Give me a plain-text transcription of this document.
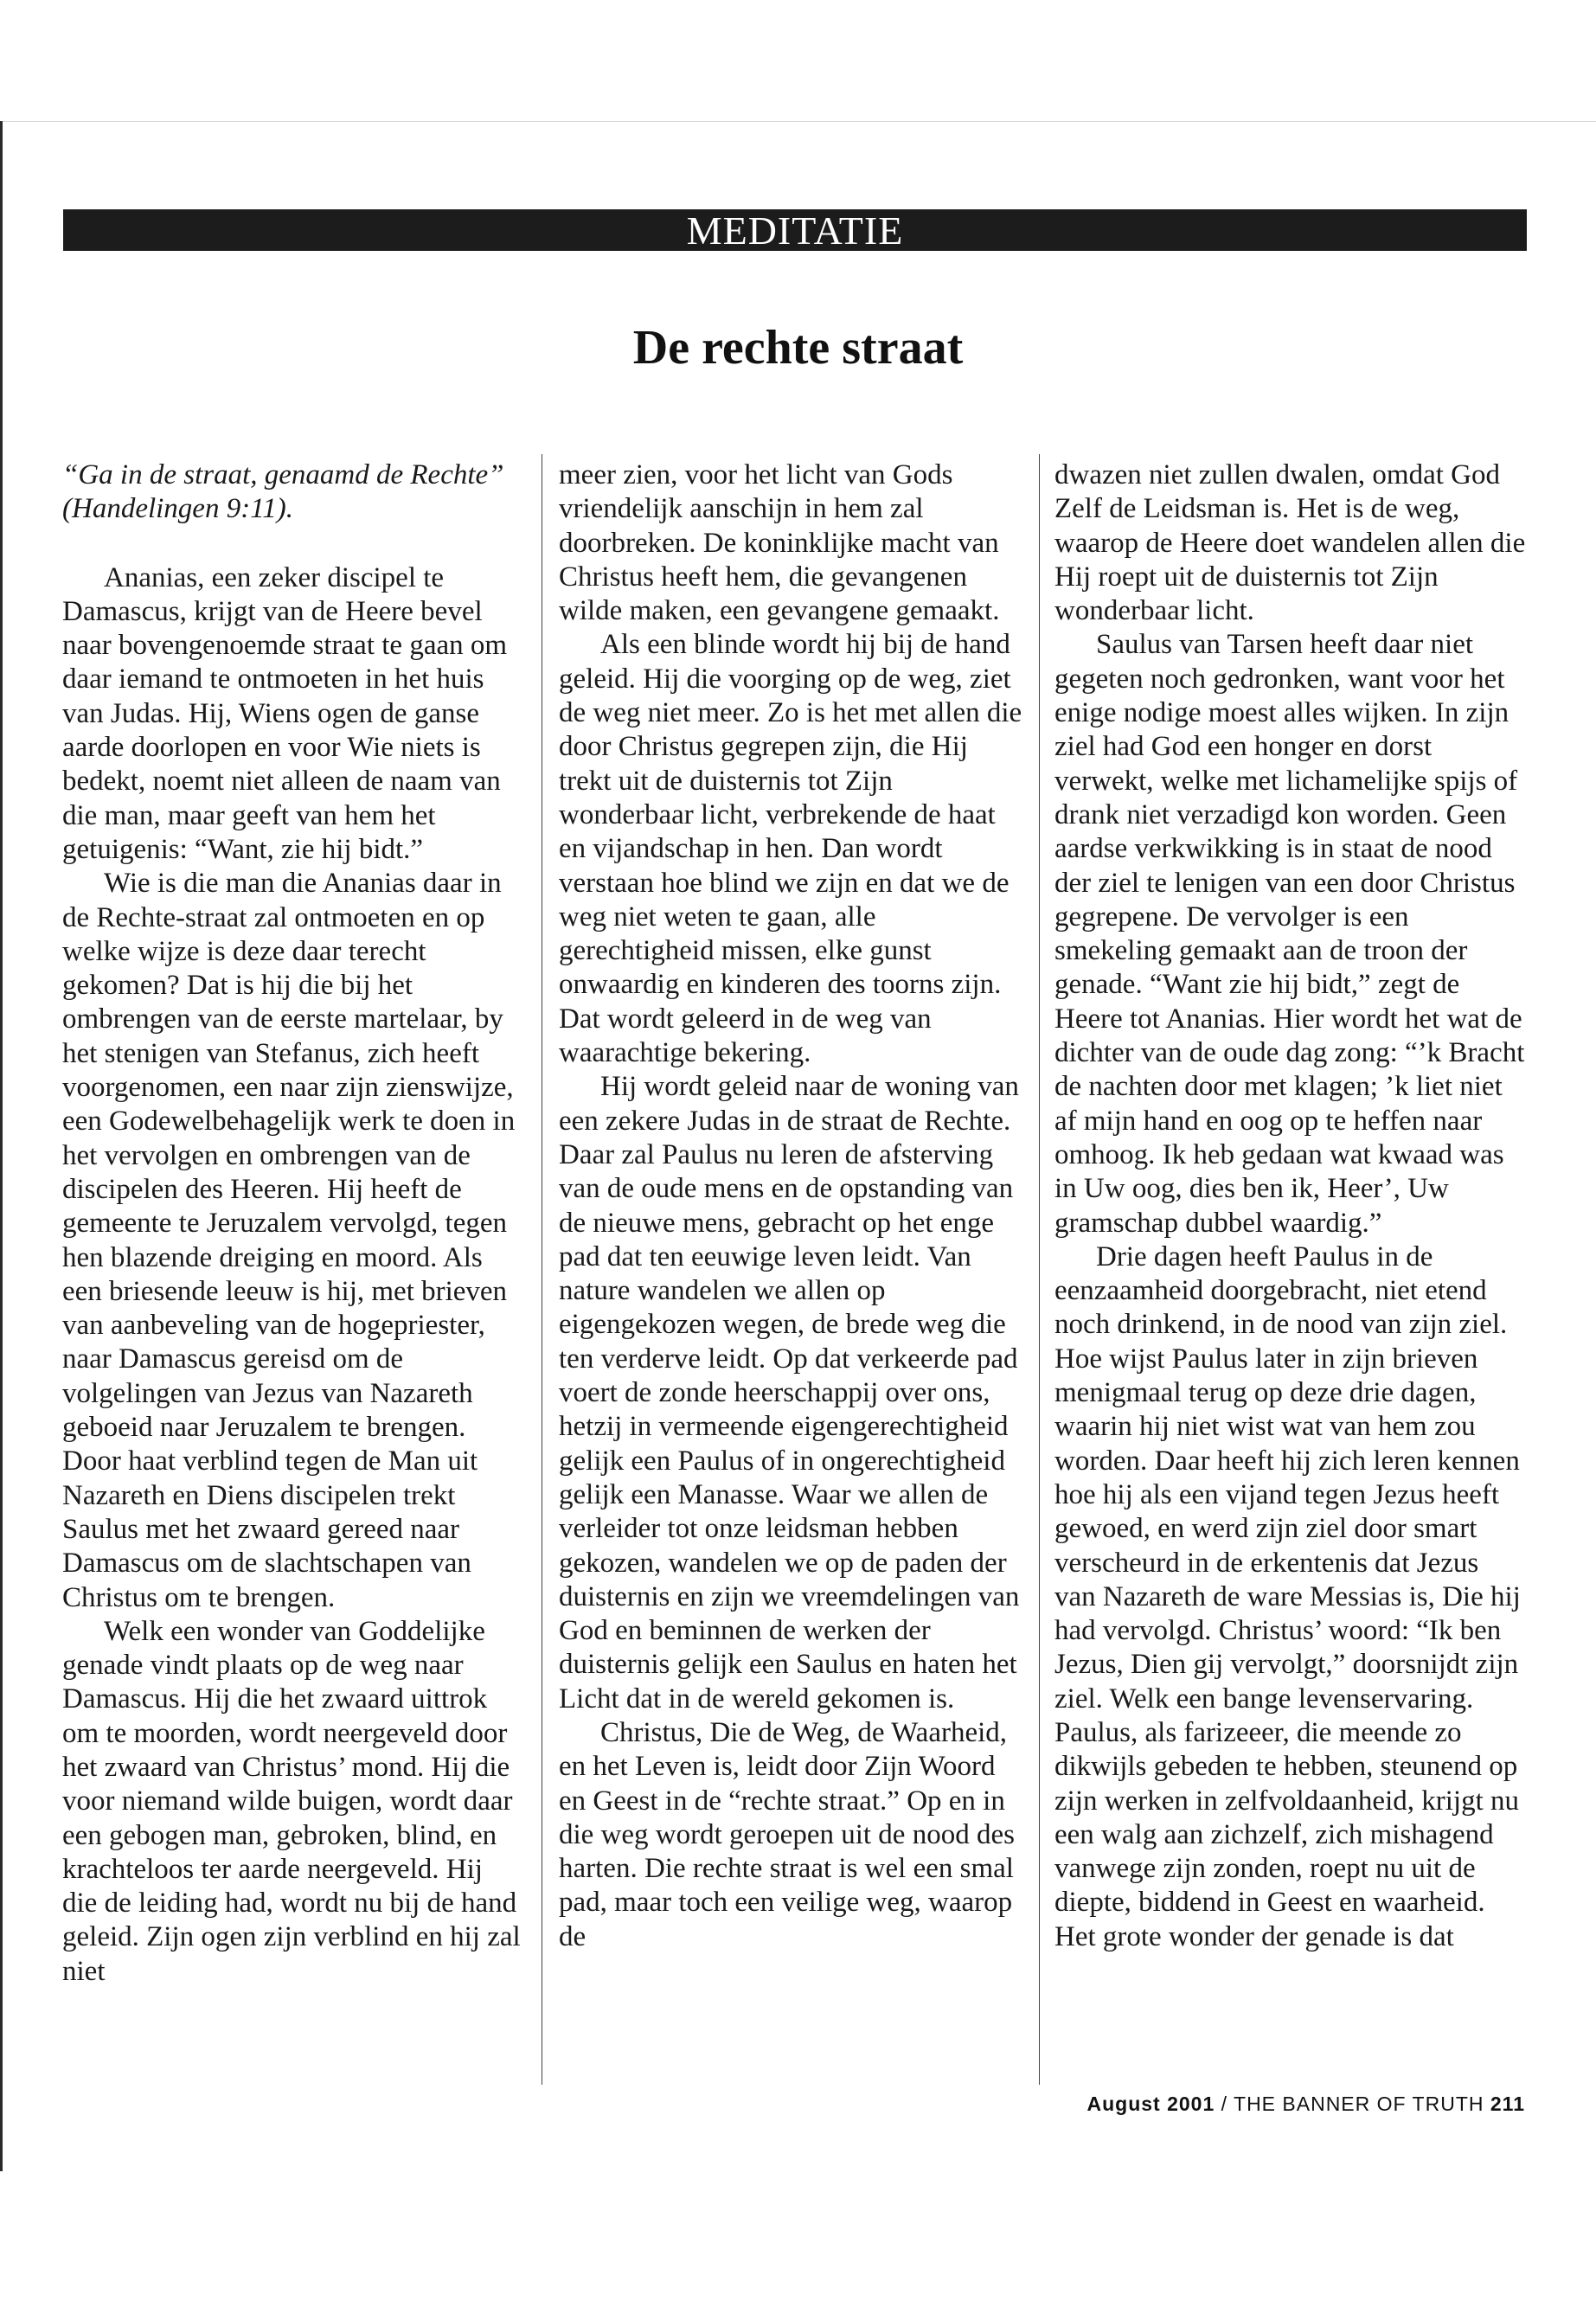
MEDITATIE
De rechte straat

“Ga in de straat, genaamd de Rechte” (Handelingen 9:11).

Ananias, een zeker discipel te Damascus, krijgt van de Heere bevel naar bovengenoemde straat te gaan om daar iemand te ontmoeten in het huis van Judas. Hij, Wiens ogen de ganse aarde doorlopen en voor Wie niets is bedekt, noemt niet alleen de naam van die man, maar geeft van hem het getuigenis: “Want, zie hij bidt.”

Wie is die man die Ananias daar in de Rechte-straat zal ontmoeten en op welke wijze is deze daar terecht gekomen? Dat is hij die bij het ombrengen van de eerste martelaar, by het stenigen van Stefanus, zich heeft voorgenomen, een naar zijn zienswijze, een Godewelbehagelijk werk te doen in het vervolgen en ombrengen van de discipelen des Heeren. Hij heeft de gemeente te Jeruzalem vervolgd, tegen hen blazende dreiging en moord. Als een briesende leeuw is hij, met brieven van aanbeveling van de hogepriester, naar Damascus gereisd om de volgelingen van Jezus van Nazareth geboeid naar Jeruzalem te brengen. Door haat verblind tegen de Man uit Nazareth en Diens discipelen trekt Saulus met het zwaard gereed naar Damascus om de slachtschapen van Christus om te brengen.

Welk een wonder van Goddelijke genade vindt plaats op de weg naar Damascus. Hij die het zwaard uittrok om te moorden, wordt neergeveld door het zwaard van Christus’ mond. Hij die voor niemand wilde buigen, wordt daar een gebogen man, gebroken, blind, en krachteloos ter aarde neergeveld. Hij die de leiding had, wordt nu bij de hand geleid. Zijn ogen zijn verblind en hij zal niet

meer zien, voor het licht van Gods vriendelijk aanschijn in hem zal doorbreken. De koninklijke macht van Christus heeft hem, die gevangenen wilde maken, een gevangene gemaakt.

Als een blinde wordt hij bij de hand geleid. Hij die voorging op de weg, ziet de weg niet meer. Zo is het met allen die door Christus gegrepen zijn, die Hij trekt uit de duisternis tot Zijn wonderbaar licht, verbrekende de haat en vijandschap in hen. Dan wordt verstaan hoe blind we zijn en dat we de weg niet weten te gaan, alle gerechtigheid missen, elke gunst onwaardig en kinderen des toorns zijn. Dat wordt geleerd in de weg van waarachtige bekering.

Hij wordt geleid naar de woning van een zekere Judas in de straat de Rechte. Daar zal Paulus nu leren de afsterving van de oude mens en de opstanding van de nieuwe mens, gebracht op het enge pad dat ten eeuwige leven leidt. Van nature wandelen we allen op eigengekozen wegen, de brede weg die ten verderve leidt. Op dat verkeerde pad voert de zonde heerschappij over ons, hetzij in vermeende eigengerechtigheid gelijk een Paulus of in ongerechtigheid gelijk een Manasse. Waar we allen de verleider tot onze leidsman hebben gekozen, wandelen we op de paden der duisternis en zijn we vreemdelingen van God en beminnen de werken der duisternis gelijk een Saulus en haten het Licht dat in de wereld gekomen is.

Christus, Die de Weg, de Waarheid, en het Leven is, leidt door Zijn Woord en Geest in de “rechte straat.” Op en in die weg wordt geroepen uit de nood des harten. Die rechte straat is wel een smal pad, maar toch een veilige weg, waarop de

dwazen niet zullen dwalen, omdat God Zelf de Leidsman is. Het is de weg, waarop de Heere doet wandelen allen die Hij roept uit de duisternis tot Zijn wonderbaar licht.

Saulus van Tarsen heeft daar niet gegeten noch gedronken, want voor het enige nodige moest alles wijken. In zijn ziel had God een honger en dorst verwekt, welke met lichamelijke spijs of drank niet verzadigd kon worden. Geen aardse verkwikking is in staat de nood der ziel te lenigen van een door Christus gegrepene. De vervolger is een smekeling gemaakt aan de troon der genade. “Want zie hij bidt,” zegt de Heere tot Ananias. Hier wordt het wat de dichter van de oude dag zong: “’k Bracht de nachten door met klagen; ’k liet niet af mijn hand en oog op te heffen naar omhoog. Ik heb gedaan wat kwaad was in Uw oog, dies ben ik, Heer’, Uw gramschap dubbel waardig.”

Drie dagen heeft Paulus in de eenzaamheid doorgebracht, niet etend noch drinkend, in de nood van zijn ziel. Hoe wijst Paulus later in zijn brieven menigmaal terug op deze drie dagen, waarin hij niet wist wat van hem zou worden. Daar heeft hij zich leren kennen hoe hij als een vijand tegen Jezus heeft gewoed, en werd zijn ziel door smart verscheurd in de erkentenis dat Jezus van Nazareth de ware Messias is, Die hij had vervolgd. Christus’ woord: “Ik ben Jezus, Dien gij vervolgt,” doorsnijdt zijn ziel. Welk een bange levenservaring. Paulus, als farizeeer, die meende zo dikwijls gebeden te hebben, steunend op zijn werken in zelfvoldaanheid, krijgt nu een walg aan zichzelf, zich mishagend vanwege zijn zonden, roept nu uit de diepte, biddend in Geest en waarheid. Het grote wonder der genade is dat

August 2001 / THE BANNER OF TRUTH 211
